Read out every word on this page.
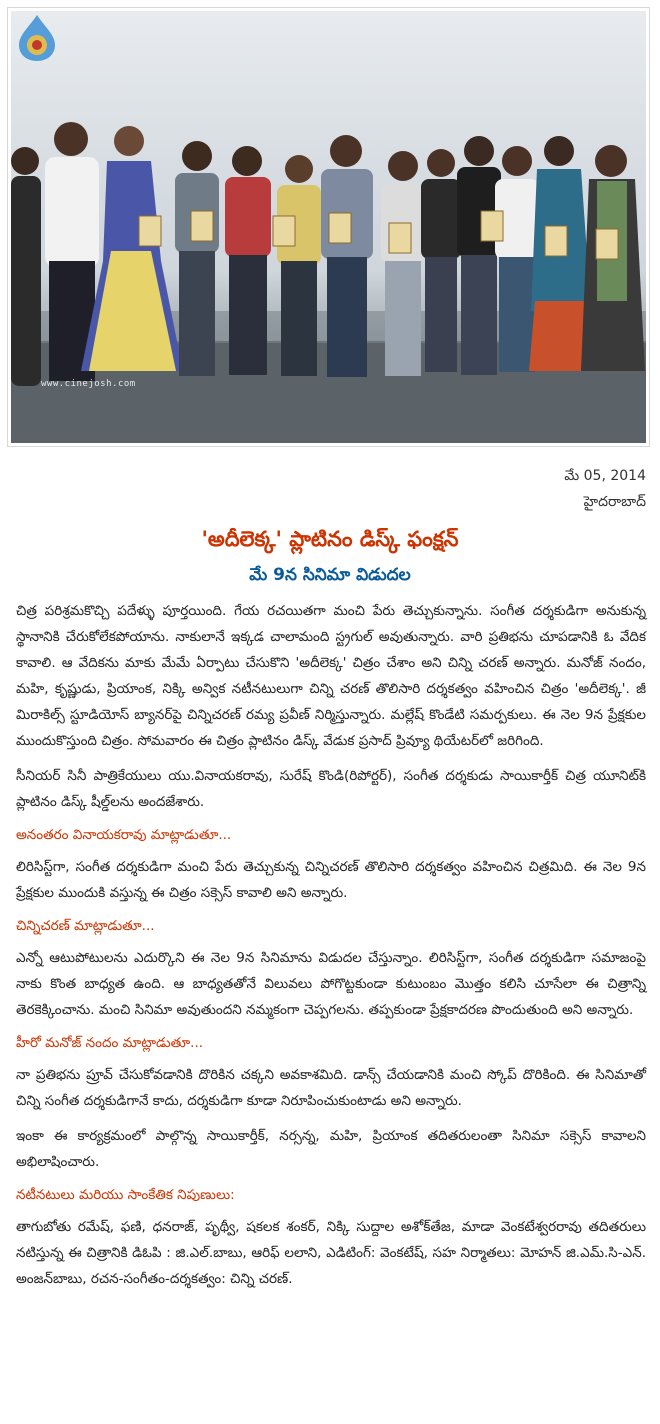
www.cinejosh.com
మే 05, 2014
హైదరాబాద్
'అదీలెక్క' ప్లాటినం డిస్క్ ఫంక్షన్
మే 9న సినిమా విడుదల

చిత్ర పరిశ్రమకొచ్చి పదేళ్ళు పూర్తయింది. గేయ రచయితగా మంచి పేరు తెచ్చుకున్నాను. సంగీత దర్శకుడిగా అనుకున్న స్థానానికి చేరుకోలేకపోయాను. నాకులానే ఇక్కడ చాలామంది స్ట్రగుల్ అవుతున్నారు. వారి ప్రతిభను చూపడానికి ఓ వేదిక కావాలి. ఆ వేదికను మాకు మేమే ఏర్పాటు చేసుకొని 'అదీలెక్క' చిత్రం చేశాం అని చిన్ని చరణ్ అన్నారు. మనోజ్ నందం, మహి, కృష్ణుడు, ప్రియాంక, నిక్కి అన్విక నటీనటులుగా చిన్ని చరణ్ తొలిసారి దర్శకత్వం వహించిన చిత్రం 'అదీలెక్క'. జీ మిరాకిల్స్ స్టూడియోస్ బ్యానర్‌పై చిన్నిచరణ్ రమ్య ప్రవీణ్ నిర్మిస్తున్నారు. మల్లేష్ కొండేటి సమర్పకులు. ఈ నెల 9న ప్రేక్షకుల ముందుకొస్తుంది చిత్రం. సోమవారం ఈ చిత్రం ప్లాటినం డిస్క్ వేడుక ప్రసాద్ ప్రివ్యూ థియేటర్‌లో జరిగింది.

సీనియర్ సినీ పాత్రికేయులు యు.వినాయకరావు, సురేష్ కొండి(రిపోర్టర్), సంగీత దర్శకుడు సాయికార్తీక్ చిత్ర యూనిట్‌కి ప్లాటినం డిస్క్ షీల్డ్‌లను అందజేశారు.

అనంతరం వినాయకరావు మాట్లాడుతూ...

లిరిసిస్ట్‌గా, సంగీత దర్శకుడిగా మంచి పేరు తెచ్చుకున్న చిన్నిచరణ్ తొలిసారి దర్శకత్వం వహించిన చిత్రమిది. ఈ నెల 9న ప్రేక్షకుల ముందుకి వస్తున్న ఈ చిత్రం సక్సెస్ కావాలి అని అన్నారు.

చిన్నిచరణ్ మాట్లాడుతూ...

ఎన్నో ఆటుపోటులను ఎదుర్కొని ఈ నెల 9న సినిమాను విడుదల చేస్తున్నాం. లిరిసిస్ట్‌గా, సంగీత దర్శకుడిగా సమాజంపై నాకు కొంత బాధ్యత ఉంది. ఆ బాధ్యతతోనే విలువలు పోగొట్టకుండా కుటుంబం మొత్తం కలిసి చూసేలా ఈ చిత్రాన్ని తెరకెక్కించాను. మంచి సినిమా అవుతుందని నమ్మకంగా చెప్పగలను. తప్పకుండా ప్రేక్షకాదరణ పొందుతుంది అని అన్నారు.

హీరో మనోజ్ నందం మాట్లాడుతూ...

నా ప్రతిభను ప్రూవ్ చేసుకోవడానికి దొరికిన చక్కని అవకాశమిది. డాన్స్ చేయడానికి మంచి స్కోప్ దొరికింది. ఈ సినిమాతో చిన్ని సంగీత దర్శకుడిగానే కాదు, దర్శకుడిగా కూడా నిరూపించుకుంటాడు అని అన్నారు.

ఇంకా ఈ కార్యక్రమంలో పాల్గొన్న సాయికార్తీక్, నర్సన్న, మహి, ప్రియాంక తదితరులంతా సినిమా సక్సెస్ కావాలని అభిలాషించారు.

నటీనటులు మరియు సాంకేతిక నిపుణులు:

తాగుబోతు రమేష్, ఫణి, ధనరాజ్, పృథ్వీ, షకలక శంకర్, నిక్కి సుద్దాల అశోక్‌తేజ, మాడా వెంకటేశ్వరరావు తదితరులు నటిస్తున్న ఈ చిత్రానికి డిఓపి : జి.ఎల్.బాబు, ఆరిఫ్ లలాని, ఎడిటింగ్: వెంకటేష్, సహ నిర్మాతలు: మోహన్ జి.ఎమ్.సి-ఎన్. అంజన్‌బాబు, రచన-సంగీతం-దర్శకత్వం: చిన్ని చరణ్.
